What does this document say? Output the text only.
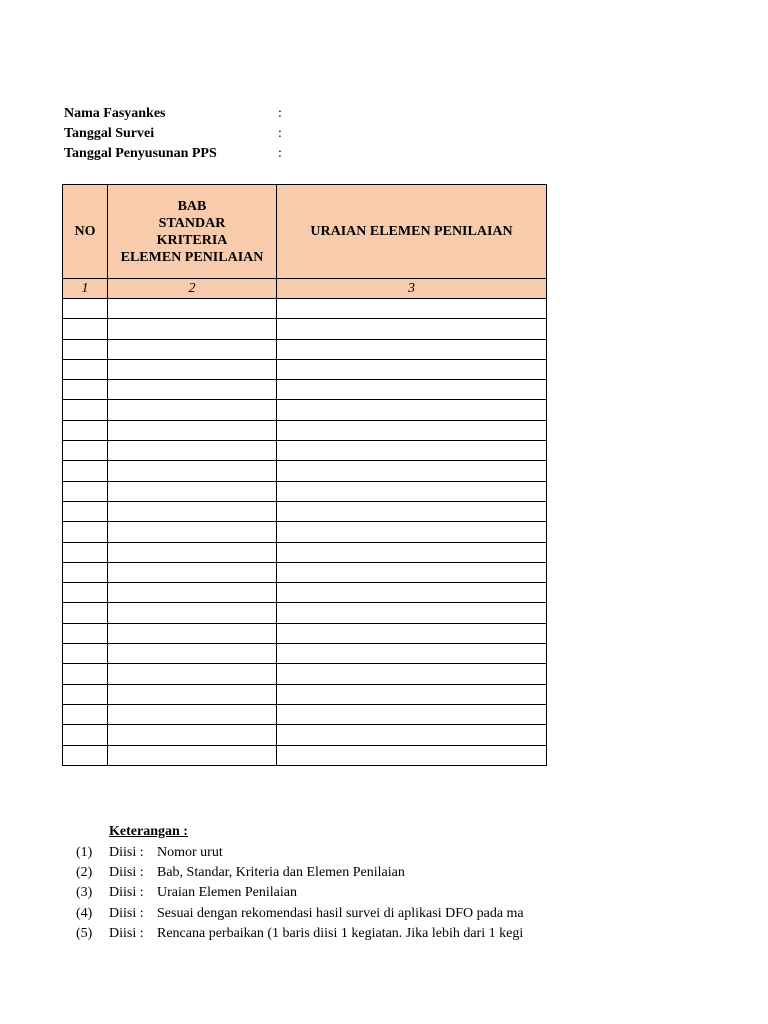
Nama Fasyankes	:
Tanggal Survei	:
Tanggal Penyusunan PPS	:
NO	BAB
STANDAR
KRITERIA
ELEMEN PENILAIAN	URAIAN ELEMEN PENILAIAN
1	2	3

Keterangan :
(1) Diisi : Nomor urut
(2) Diisi : Bab, Standar, Kriteria dan Elemen Penilaian
(3) Diisi : Uraian Elemen Penilaian
(4) Diisi : Sesuai dengan rekomendasi hasil survei di aplikasi DFO pada ma
(5) Diisi : Rencana perbaikan (1 baris diisi 1 kegiatan. Jika lebih dari 1 kegi
